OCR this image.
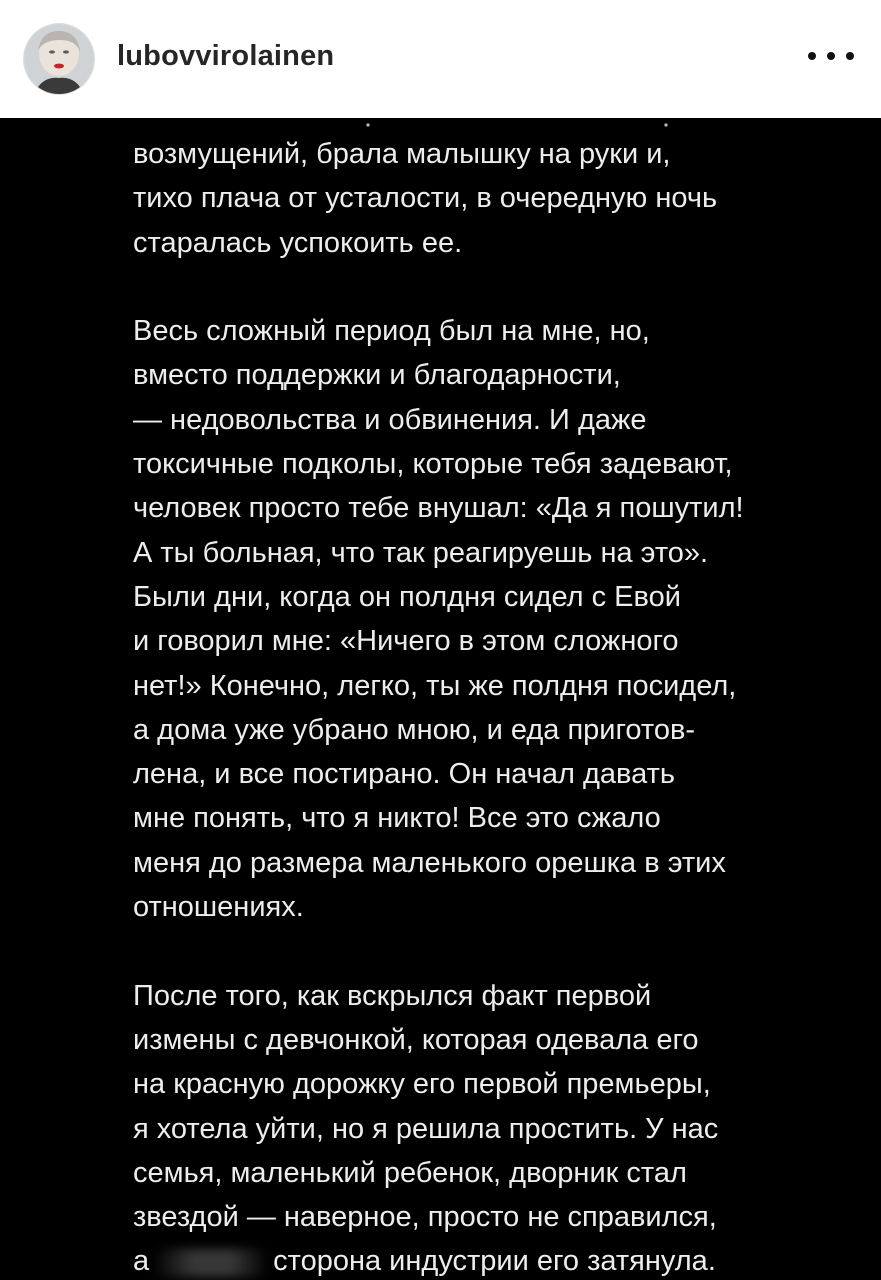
lubovvirolainen
возмущений, брала малышку на руки и,
тихо плача от усталости, в очередную ночь
старалась успокоить ее.
Весь сложный период был на мне, но,
вместо поддержки и благодарности,
— недовольства и обвинения. И даже
токсичные подколы, которые тебя задевают,
человек просто тебе внушал: «Да я пошутил!
А ты больная, что так реагируешь на это».
Были дни, когда он полдня сидел с Евой
и говорил мне: «Ничего в этом сложного
нет!» Конечно, легко, ты же полдня посидел,
а дома уже убрано мною, и еда приготов-
лена, и все постирано. Он начал давать
мне понять, что я никто! Все это сжало
меня до размера маленького орешка в этих
отношениях.
После того, как вскрылся факт первой
измены с девчонкой, которая одевала его
на красную дорожку его первой премьеры,
я хотела уйти, но я решила простить. У нас
семья, маленький ребенок, дворник стал
звездой — наверное, просто не справился,
а	сторона индустрии его затянула.
